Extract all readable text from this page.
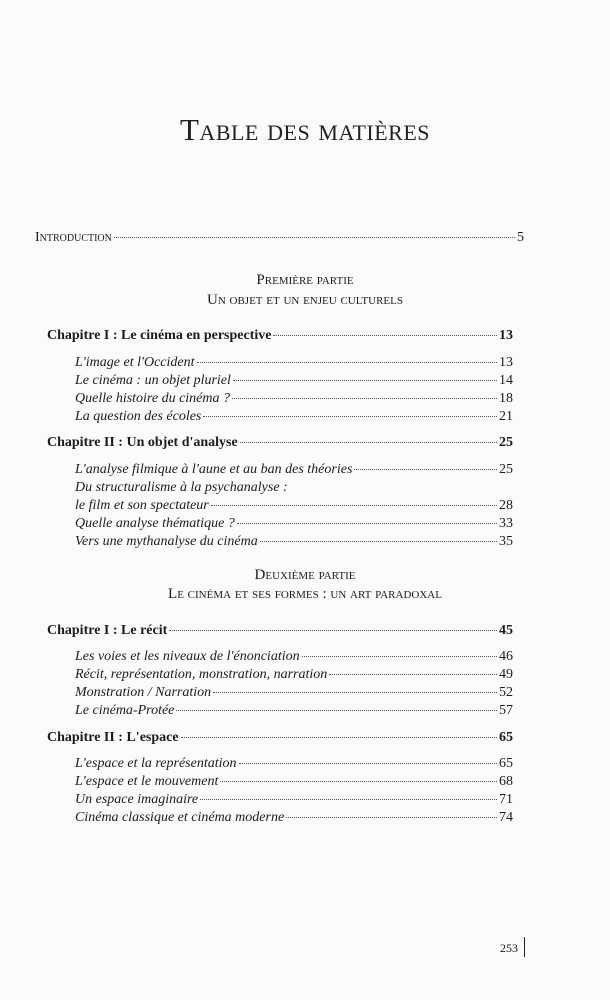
Table des matières
Introduction	5
Première partie
Un objet et un enjeu culturels
Chapitre I : Le cinéma en perspective	13
L'image et l'Occident	13
Le cinéma : un objet pluriel	14
Quelle histoire du cinéma ?	18
La question des écoles	21
Chapitre II : Un objet d'analyse	25
L'analyse filmique à l'aune et au ban des théories	25
Du structuralisme à la psychanalyse :
le film et son spectateur	28
Quelle analyse thématique ?	33
Vers une mythanalyse du cinéma	35
Deuxième partie
Le cinéma et ses formes : un art paradoxal
Chapitre I : Le récit	45
Les voies et les niveaux de l'énonciation	46
Récit, représentation, monstration, narration	49
Monstration / Narration	52
Le cinéma-Protée	57
Chapitre II : L'espace	65
L'espace et la représentation	65
L'espace et le mouvement	68
Un espace imaginaire	71
Cinéma classique et cinéma moderne	74
253
